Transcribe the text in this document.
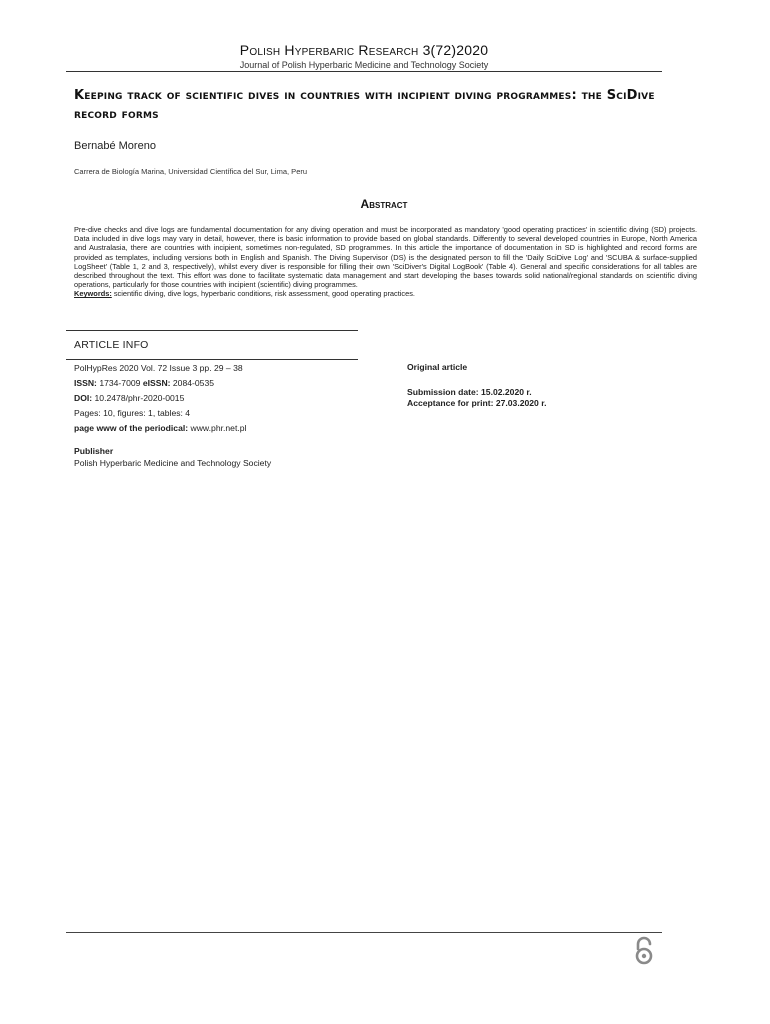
Polish Hyperbaric Research 3(72)2020
Journal of Polish Hyperbaric Medicine and Technology Society
Keeping track of scientific dives in countries with incipient diving programmes: the SciDive record forms
Bernabé Moreno
Carrera de Biología Marina, Universidad Científica del Sur, Lima, Peru
Abstract
Pre-dive checks and dive logs are fundamental documentation for any diving operation and must be incorporated as mandatory 'good operating practices' in scientific diving (SD) projects. Data included in dive logs may vary in detail, however, there is basic information to provide based on global standards. Differently to several developed countries in Europe, North America and Australasia, there are countries with incipient, sometimes non-regulated, SD programmes. In this article the importance of documentation in SD is highlighted and record forms are provided as templates, including versions both in English and Spanish. The Diving Supervisor (DS) is the designated person to fill the 'Daily SciDive Log' and 'SCUBA & surface-supplied LogSheet' (Table 1, 2 and 3, respectively), whilst every diver is responsible for filling their own 'SciDiver's Digital LogBook' (Table 4). General and specific considerations for all tables are described throughout the text. This effort was done to facilitate systematic data management and start developing the bases towards solid national/regional standards on scientific diving operations, particularly for those countries with incipient (scientific) diving programmes.
Keywords: scientific diving, dive logs, hyperbaric conditions, risk assessment, good operating practices.
ARTICLE INFO
PolHypRes 2020 Vol. 72 Issue 3 pp. 29 – 38
ISSN: 1734-7009 eISSN: 2084-0535
DOI: 10.2478/phr-2020-0015
Pages: 10, figures: 1, tables: 4
page www of the periodical: www.phr.net.pl
Publisher
Polish Hyperbaric Medicine and Technology Society
Original article
Submission date: 15.02.2020 r.
Acceptance for print: 27.03.2020 r.
